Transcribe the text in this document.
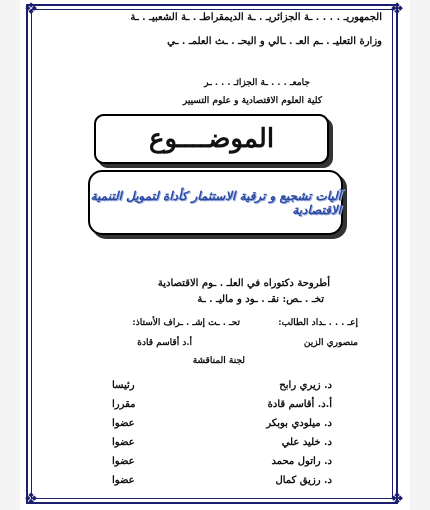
❖	❖
❖	❖
الجمهوريـ . . . . ـة الجزائريـ . ـة الديمقراطـ . ـة الشعبيـ . ـة
وزارة التعليـ . ـم العـ . ـالي و البحـ . ـث العلمـ . ـي
جامعـ . . . ـة الجزائـ . . . ـر
كلية العلوم الاقتصادية و علوم التسيير
الموضــــوع
آليات تشجيع و ترقية الاستثمار كأداة لتمويل التنمية الاقتصادية
أطروحة دكتوراه في العلـ . ـوم الاقتصادية
تخـ . ـص: نقـ . ـود و ماليـ . ـة
إعـ . . . ـداد الطالب:
تحـ . ـت إشـ . ـراف الأستاذ:
منصوري الزين
أ.د أقاسم قادة
لجنة المناقشة
د. زيري رابح
رئيسا
أ.د. أقاسم قادة
مقررا
د. ميلودي بوبكر
عضوا
د. خليد علي
عضوا
د. راتول محمد
عضوا
د. رزيق كمال
عضوا
